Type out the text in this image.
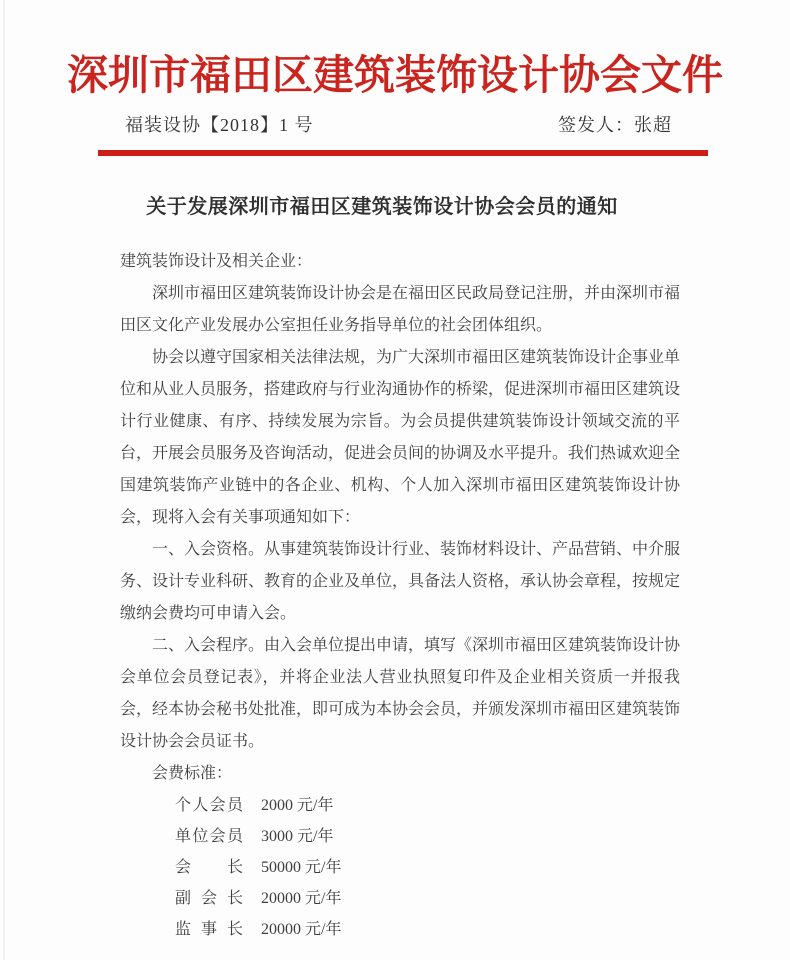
深圳市福田区建筑装饰设计协会文件
福装设协【2018】1 号	签发人：张超
关于发展深圳市福田区建筑装饰设计协会会员的通知

建筑装饰设计及相关企业：

深圳市福田区建筑装饰设计协会是在福田区民政局登记注册，并由深圳市福田区文化产业发展办公室担任业务指导单位的社会团体组织。

协会以遵守国家相关法律法规，为广大深圳市福田区建筑装饰设计企事业单位和从业人员服务，搭建政府与行业沟通协作的桥梁，促进深圳市福田区建筑设计行业健康、有序、持续发展为宗旨。为会员提供建筑装饰设计领域交流的平台，开展会员服务及咨询活动，促进会员间的协调及水平提升。我们热诚欢迎全国建筑装饰产业链中的各企业、机构、个人加入深圳市福田区建筑装饰设计协会，现将入会有关事项通知如下：

一、入会资格。从事建筑装饰设计行业、装饰材料设计、产品营销、中介服务、设计专业科研、教育的企业及单位，具备法人资格，承认协会章程，按规定缴纳会费均可申请入会。

二、入会程序。由入会单位提出申请，填写《深圳市福田区建筑装饰设计协会单位会员登记表》，并将企业法人营业执照复印件及企业相关资质一并报我会，经本协会秘书处批准，即可成为本协会会员，并颁发深圳市福田区建筑装饰设计协会会员证书。

会费标准：

个人会员 2000 元/年
单位会员 3000 元/年
会长 50000 元/年
副会长 20000 元/年
监事长 20000 元/年
